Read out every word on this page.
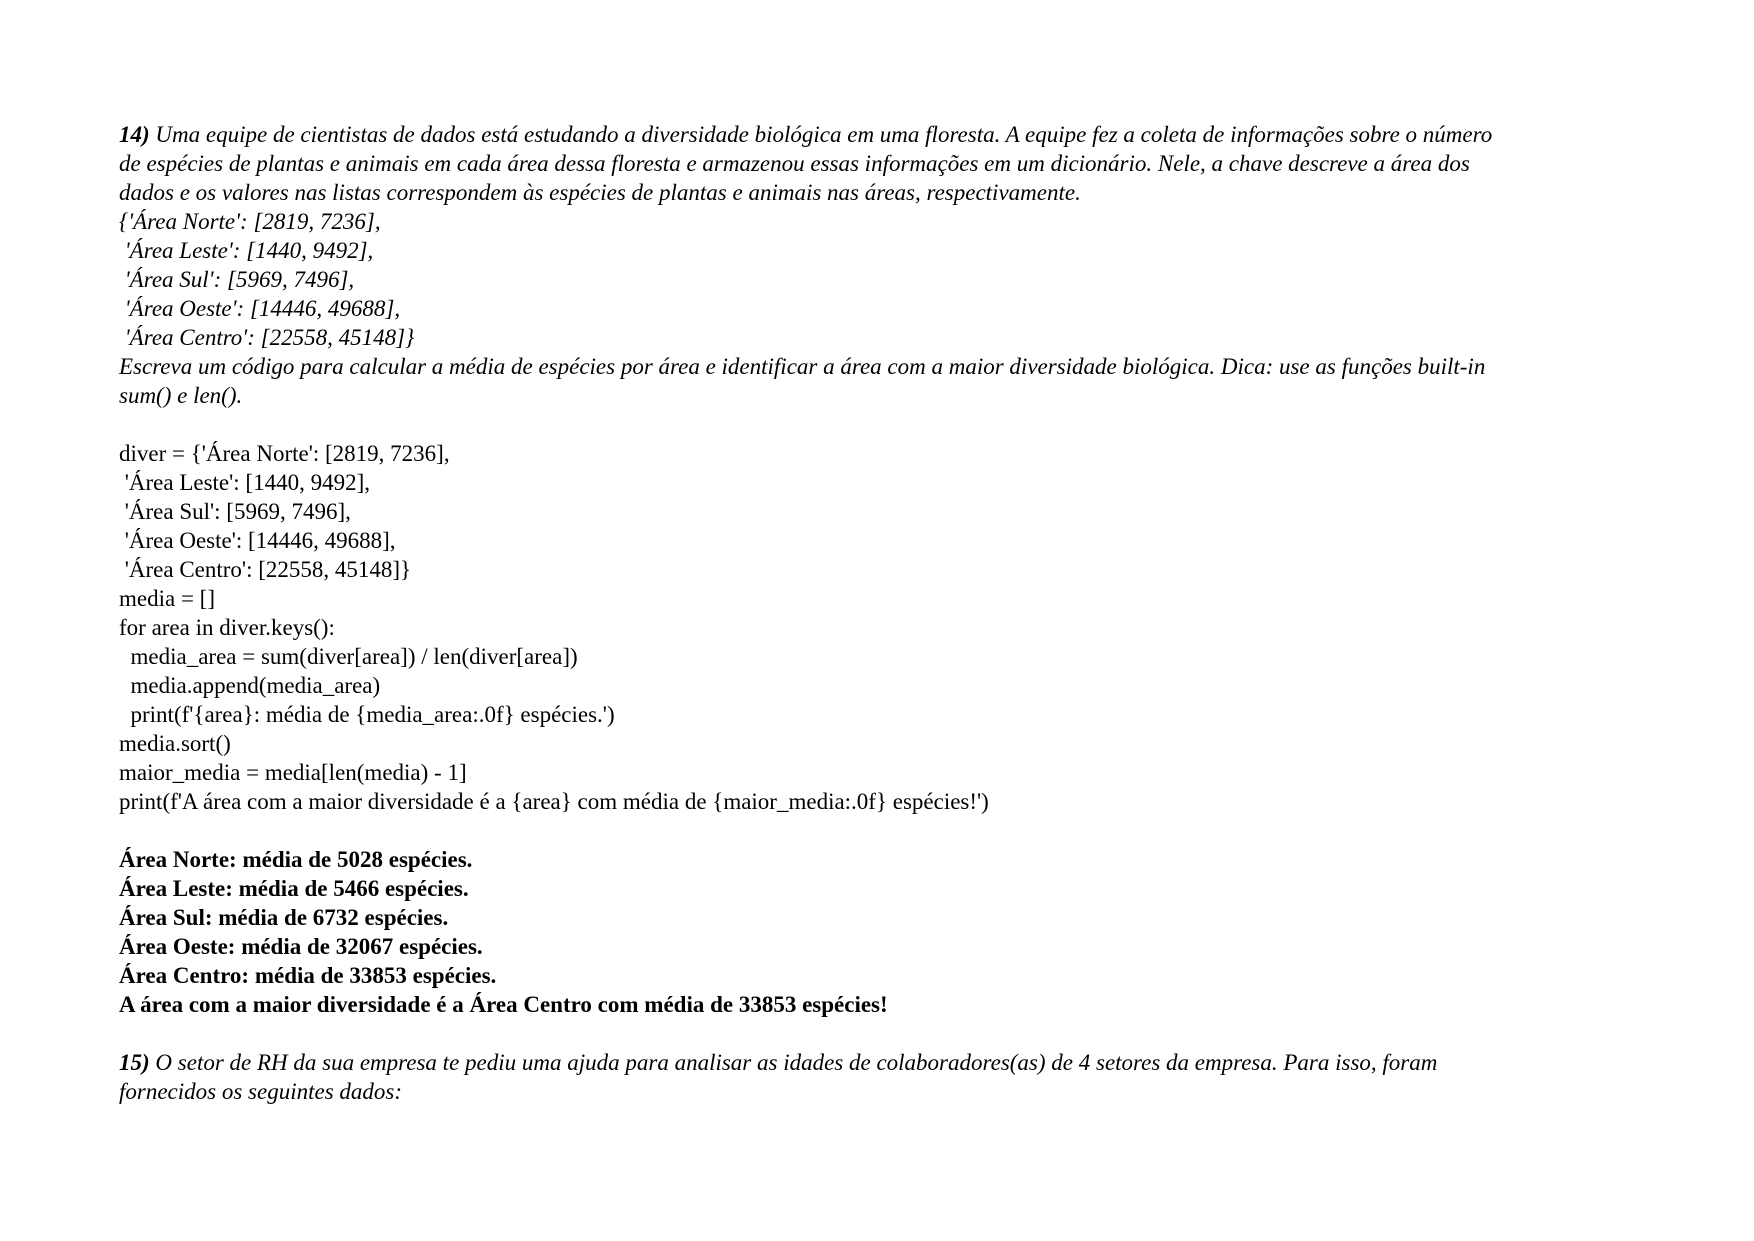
14) Uma equipe de cientistas de dados está estudando a diversidade biológica em uma floresta. A equipe fez a coleta de informações sobre o número
de espécies de plantas e animais em cada área dessa floresta e armazenou essas informações em um dicionário. Nele, a chave descreve a área dos
dados e os valores nas listas correspondem às espécies de plantas e animais nas áreas, respectivamente.
{'Área Norte': [2819, 7236],
'Área Leste': [1440, 9492],
'Área Sul': [5969, 7496],
'Área Oeste': [14446, 49688],
'Área Centro': [22558, 45148]}
Escreva um código para calcular a média de espécies por área e identificar a área com a maior diversidade biológica. Dica: use as funções built-in
sum() e len().
diver = {'Área Norte': [2819, 7236],
'Área Leste': [1440, 9492],
'Área Sul': [5969, 7496],
'Área Oeste': [14446, 49688],
'Área Centro': [22558, 45148]}
media = []
for area in diver.keys():
media_area = sum(diver[area]) / len(diver[area])
media.append(media_area)
print(f'{area}: média de {media_area:.0f} espécies.')
media.sort()
maior_media = media[len(media) - 1]
print(f'A área com a maior diversidade é a {area} com média de {maior_media:.0f} espécies!')
Área Norte: média de 5028 espécies.
Área Leste: média de 5466 espécies.
Área Sul: média de 6732 espécies.
Área Oeste: média de 32067 espécies.
Área Centro: média de 33853 espécies.
A área com a maior diversidade é a Área Centro com média de 33853 espécies!
15) O setor de RH da sua empresa te pediu uma ajuda para analisar as idades de colaboradores(as) de 4 setores da empresa. Para isso, foram
fornecidos os seguintes dados:
